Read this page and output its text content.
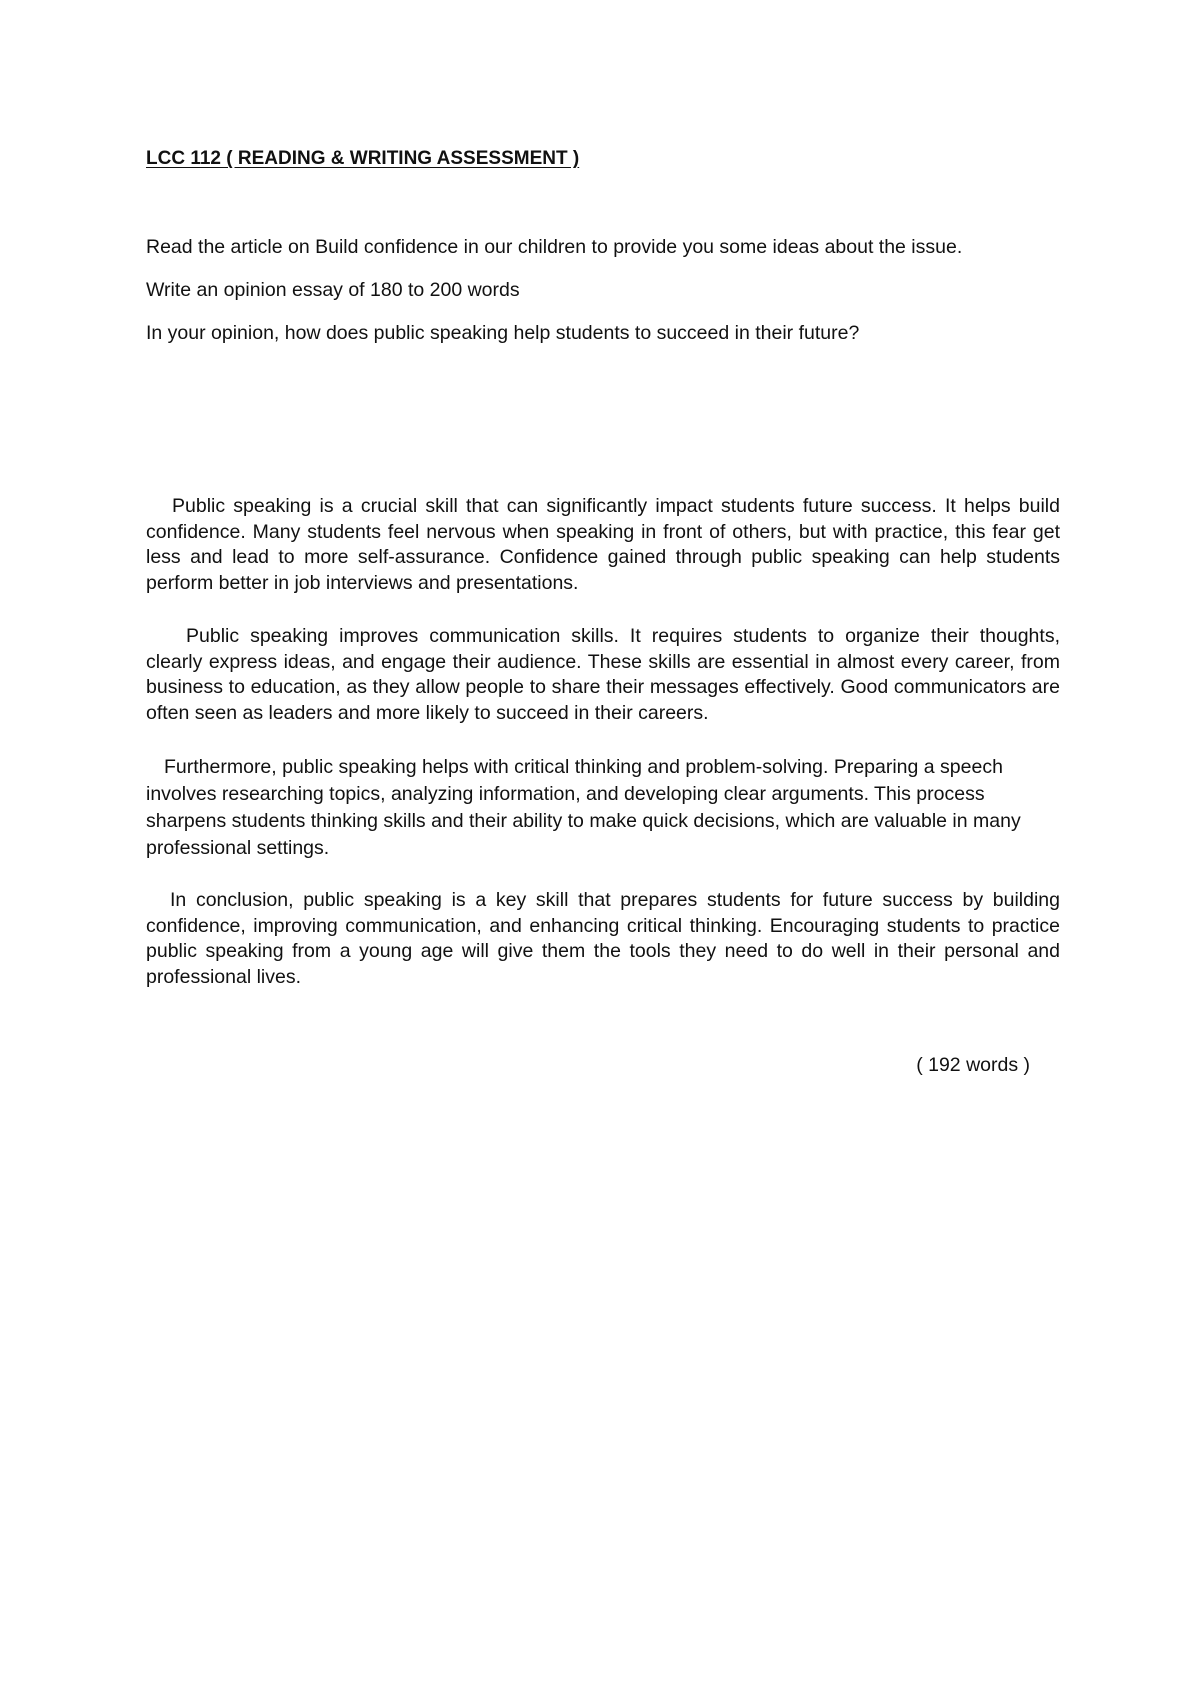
LCC 112 ( READING & WRITING ASSESSMENT )

Read the article on Build confidence in our children to provide you some ideas about the issue.

Write an opinion essay of 180 to 200 words

In your opinion, how does public speaking help students to succeed in their future?

Public speaking is a crucial skill that can significantly impact students future success. It helps build confidence. Many students feel nervous when speaking in front of others, but with practice, this fear get less and lead to more self-assurance. Confidence gained through public speaking can help students perform better in job interviews and presentations.

Public speaking improves communication skills. It requires students to organize their thoughts, clearly express ideas, and engage their audience. These skills are essential in almost every career, from business to education, as they allow people to share their messages effectively. Good communicators are often seen as leaders and more likely to succeed in their careers.

Furthermore, public speaking helps with critical thinking and problem-solving. Preparing a speech involves researching topics, analyzing information, and developing clear arguments. This process sharpens students thinking skills and their ability to make quick decisions, which are valuable in many professional settings.

In conclusion, public speaking is a key skill that prepares students for future success by building confidence, improving communication, and enhancing critical thinking. Encouraging students to practice public speaking from a young age will give them the tools they need to do well in their personal and professional lives.

( 192 words )
